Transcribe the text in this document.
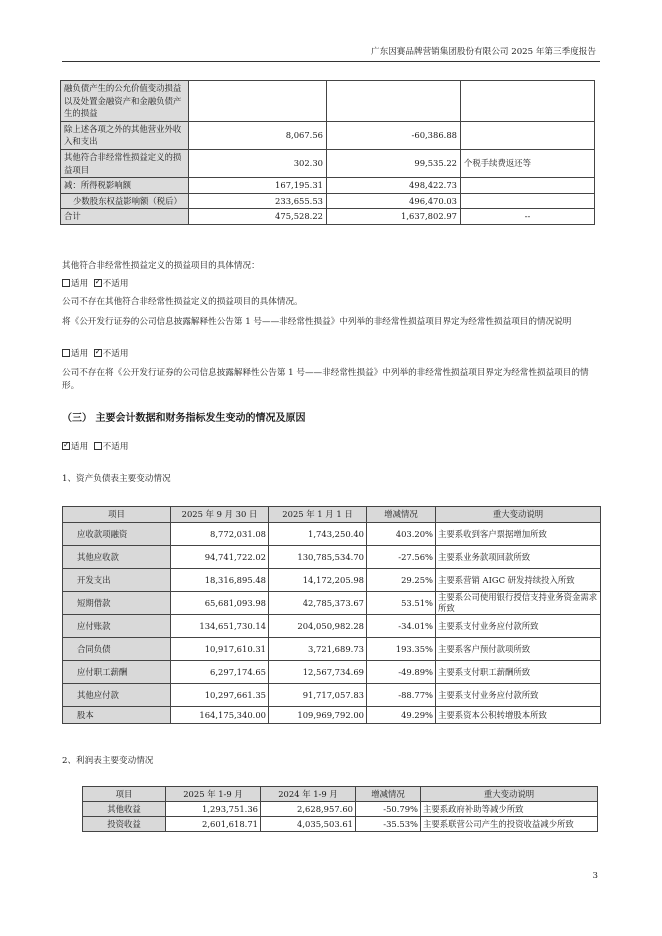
广东因赛品牌营销集团股份有限公司 2025 年第三季度报告
融负债产生的公允价值变动损益以及处置金融资产和金融负债产生的损益			
除上述各项之外的其他营业外收入和支出	8,067.56	-60,386.88	
其他符合非经常性损益定义的损益项目	302.30	99,535.22	个税手续费返还等
减：所得税影响额	167,195.31	498,422.73	
少数股东权益影响额（税后）	233,655.53	496,470.03	
合计	475,528.22	1,637,802.97	--
其他符合非经常性损益定义的损益项目的具体情况：
适用 ✓ 不适用
公司不存在其他符合非经常性损益定义的损益项目的具体情况。
将《公开发行证券的公司信息披露解释性公告第 1 号——非经常性损益》中列举的非经常性损益项目界定为经常性损益项目的情况说明
适用 ✓ 不适用
公司不存在将《公开发行证券的公司信息披露解释性公告第 1 号——非经常性损益》中列举的非经常性损益项目界定为经常性损益项目的情形。
（三） 主要会计数据和财务指标发生变动的情况及原因
✓适用 不适用
1、资产负债表主要变动情况
项目	2025 年 9 月 30 日	2025 年 1 月 1 日	增减情况	重大变动说明
应收款项融资	8,772,031.08	1,743,250.40	403.20%	主要系收到客户票据增加所致
其他应收款	94,741,722.02	130,785,534.70	-27.56%	主要系业务款项回款所致
开发支出	18,316,895.48	14,172,205.98	29.25%	主要系营销 AIGC 研发持续投入所致
短期借款	65,681,093.98	42,785,373.67	53.51%	主要系公司使用银行授信支持业务资金需求所致
应付账款	134,651,730.14	204,050,982.28	-34.01%	主要系支付业务应付款所致
合同负债	10,917,610.31	3,721,689.73	193.35%	主要系客户预付款项所致
应付职工薪酬	6,297,174.65	12,567,734.69	-49.89%	主要系支付职工薪酬所致
其他应付款	10,297,661.35	91,717,057.83	-88.77%	主要系支付业务应付款所致
股本	164,175,340.00	109,969,792.00	49.29%	主要系资本公积转增股本所致
2、利润表主要变动情况
项目	2025 年 1-9 月	2024 年 1-9 月	增减情况	重大变动说明
其他收益	1,293,751.36	2,628,957.60	-50.79%	主要系政府补助等减少所致
投资收益	2,601,618.71	4,035,503.61	-35.53%	主要系联营公司产生的投资收益减少所致
3
